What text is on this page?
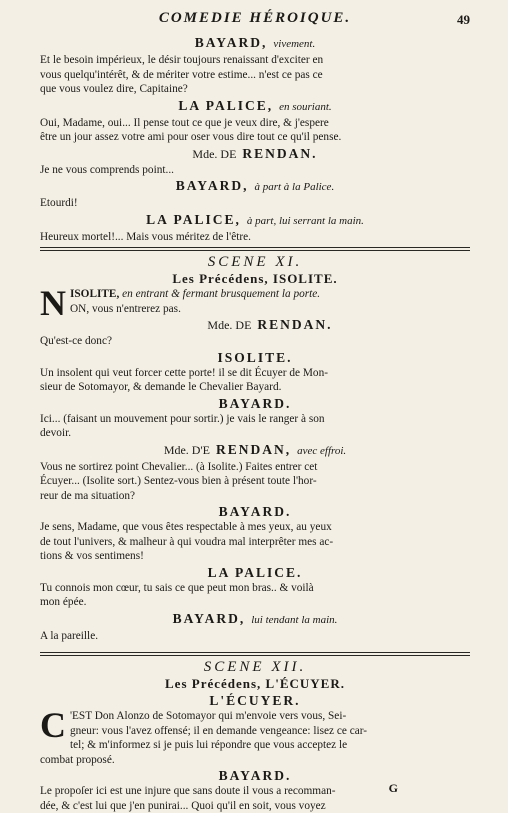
COMEDIE HÉROIQUE.	49

BAYARD, vivement.

Et le besoin impérieux, le désir toujours renaissant d'exciter en

vous quelqu'intérêt, & de mériter votre estime... n'est ce pas ce

que vous voulez dire, Capitaine?

LA PALICE, en souriant.

Oui, Madame, oui... Il pense tout ce que je veux dire, & j'espere

être un jour assez votre ami pour oser vous dire tout ce qu'il pense.

Mde. DE RENDAN.

Je ne vous comprends point...

BAYARD, à part à la Palice.

Etourdi!

LA PALICE, à part, lui serrant la main.

Heureux mortel!... Mais vous méritez de l'être.

SCENE XI.

Les Précédens, ISOLITE.

N ISOLITE, en entrant & fermant brusquement la porte.

ON, vous n'entrerez pas.

Mde. DE RENDAN.

Qu'est-ce donc?

ISOLITE.

Un insolent qui veut forcer cette porte! il se dit Écuyer de Mon-

sieur de Sotomayor, & demande le Chevalier Bayard.

BAYARD.

Ici... (faisant un mouvement pour sortir.) je vais le ranger à son

devoir.

Mde. D'E RENDAN, avec effroi.

Vous ne sortirez point Chevalier... (à Isolite.) Faites entrer cet

Écuyer... (Isolite sort.) Sentez-vous bien à présent toute l'hor-

reur de ma situation?

BAYARD.

Je sens, Madame, que vous êtes respectable à mes yeux, au yeux

de tout l'univers, & malheur à qui voudra mal interprêter mes ac-

tions & vos sentimens!

LA PALICE.

Tu connois mon cœur, tu sais ce que peut mon bras.. & voilà

mon épée.

BAYARD, lui tendant la main.

A la pareille.

SCENE XII.

Les Précédens, L'ÉCUYER.

L'ÉCUYER.

C 'EST Don Alonzo de Sotomayor qui m'envoie vers vous, Sei-

gneur: vous l'avez offensé; il en demande vengeance: lisez ce car-

tel; & m'informez si je puis lui répondre que vous acceptez le

combat proposé.

BAYARD.

Le propoſer ici est une injure que sans doute il vous a recomman-

dée, & c'est lui que j'en punirai... Quoi qu'il en soit, vous voyez

G
